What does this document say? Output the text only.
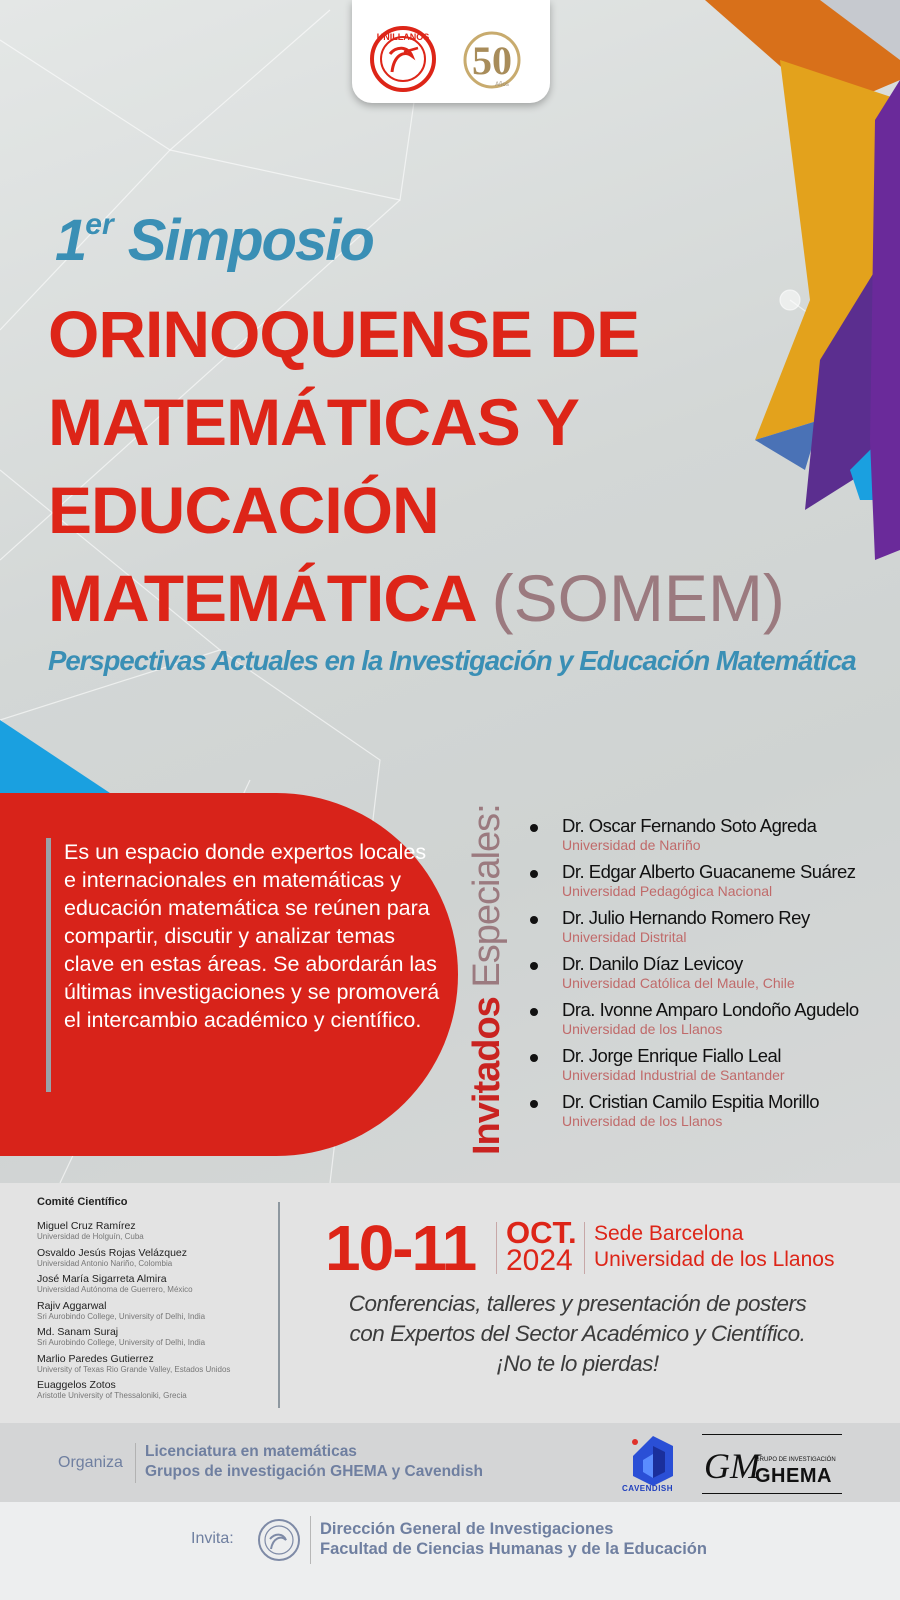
UNILLANOS
50
Años
1er Simposio
ORINOQUENSE DE
MATEMÁTICAS Y
EDUCACIÓN
MATEMÁTICA (SOMEM)
Perspectivas Actuales en la Investigación y Educación Matemática
Es un espacio donde expertos locales e internacionales en matemáticas y educación matemática se reúnen para compartir, discutir y analizar temas clave en estas áreas. Se abordarán las últimas investigaciones y se promoverá el intercambio académico y científico.	Invitados Especiales:	Dr. Oscar Fernando Soto Agreda
Universidad de Nariño
Dr. Edgar Alberto Guacaneme Suárez
Universidad Pedagógica Nacional
Dr. Julio Hernando Romero Rey
Universidad Distrital
Dr. Danilo Díaz Levicoy
Universidad Católica del Maule, Chile
Dra. Ivonne Amparo Londoño Agudelo
Universidad de los Llanos
Dr. Jorge Enrique Fiallo Leal
Universidad Industrial de Santander
Dr. Cristian Camilo Espitia Morillo
Universidad de los Llanos
Comité Científico
Miguel Cruz Ramírez
Universidad de Holguín, Cuba
Osvaldo Jesús Rojas Velázquez
Universidad Antonio Nariño, Colombia
José María Sigarreta Almira
Universidad Autónoma de Guerrero, México
Rajiv Aggarwal
Sri Aurobindo College, University of Delhi, India
Md. Sanam Suraj
Sri Aurobindo College, University of Delhi, India
Marlio Paredes Gutierrez
University of Texas Rio Grande Valley, Estados Unidos
Euaggelos Zotos
Aristotle University of Thessaloniki, Grecia
10-11 OCT.
2024
Sede Barcelona
Universidad de los Llanos
Conferencias, talleres y presentación de posters
con Expertos del Sector Académico y Científico.
¡No te lo pierdas!
Organiza
Licenciatura en matemáticas
Grupos de investigación GHEMA y Cavendish
CAVENDISH
GM
GRUPO DE INVESTIGACIÓN
GHEMA
Invita:
Dirección General de Investigaciones
Facultad de Ciencias Humanas y de la Educación
